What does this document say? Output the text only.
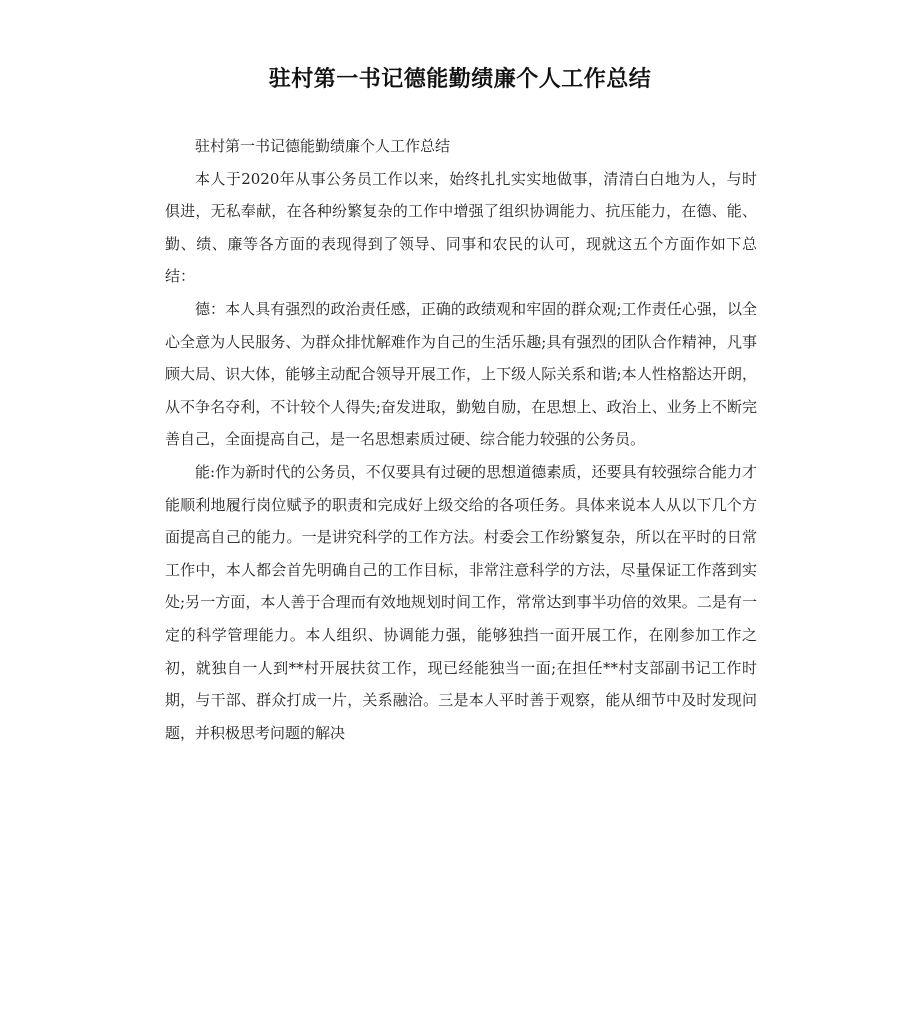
驻村第一书记德能勤绩廉个人工作总结

驻村第一书记德能勤绩廉个人工作总结

本人于2020年从事公务员工作以来，始终扎扎实实地做事，清清白白地为人，与时俱进，无私奉献，在各种纷繁复杂的工作中增强了组织协调能力、抗压能力，在德、能、勤、绩、廉等各方面的表现得到了领导、同事和农民的认可，现就这五个方面作如下总结：

德：本人具有强烈的政治责任感，正确的政绩观和牢固的群众观;工作责任心强，以全心全意为人民服务、为群众排忧解难作为自己的生活乐趣;具有强烈的团队合作精神，凡事顾大局、识大体，能够主动配合领导开展工作，上下级人际关系和谐;本人性格豁达开朗，从不争名夺利，不计较个人得失;奋发进取，勤勉自励，在思想上、政治上、业务上不断完善自己，全面提高自己，是一名思想素质过硬、综合能力较强的公务员。

能:作为新时代的公务员，不仅要具有过硬的思想道德素质，还要具有较强综合能力才能顺利地履行岗位赋予的职责和完成好上级交给的各项任务。具体来说本人从以下几个方面提高自己的能力。一是讲究科学的工作方法。村委会工作纷繁复杂，所以在平时的日常工作中，本人都会首先明确自己的工作目标，非常注意科学的方法，尽量保证工作落到实处;另一方面，本人善于合理而有效地规划时间工作，常常达到事半功倍的效果。二是有一定的科学管理能力。本人组织、协调能力强，能够独挡一面开展工作，在刚参加工作之初，就独自一人到**村开展扶贫工作，现已经能独当一面;在担任**村支部副书记工作时期，与干部、群众打成一片，关系融洽。三是本人平时善于观察，能从细节中及时发现问题，并积极思考问题的解决
